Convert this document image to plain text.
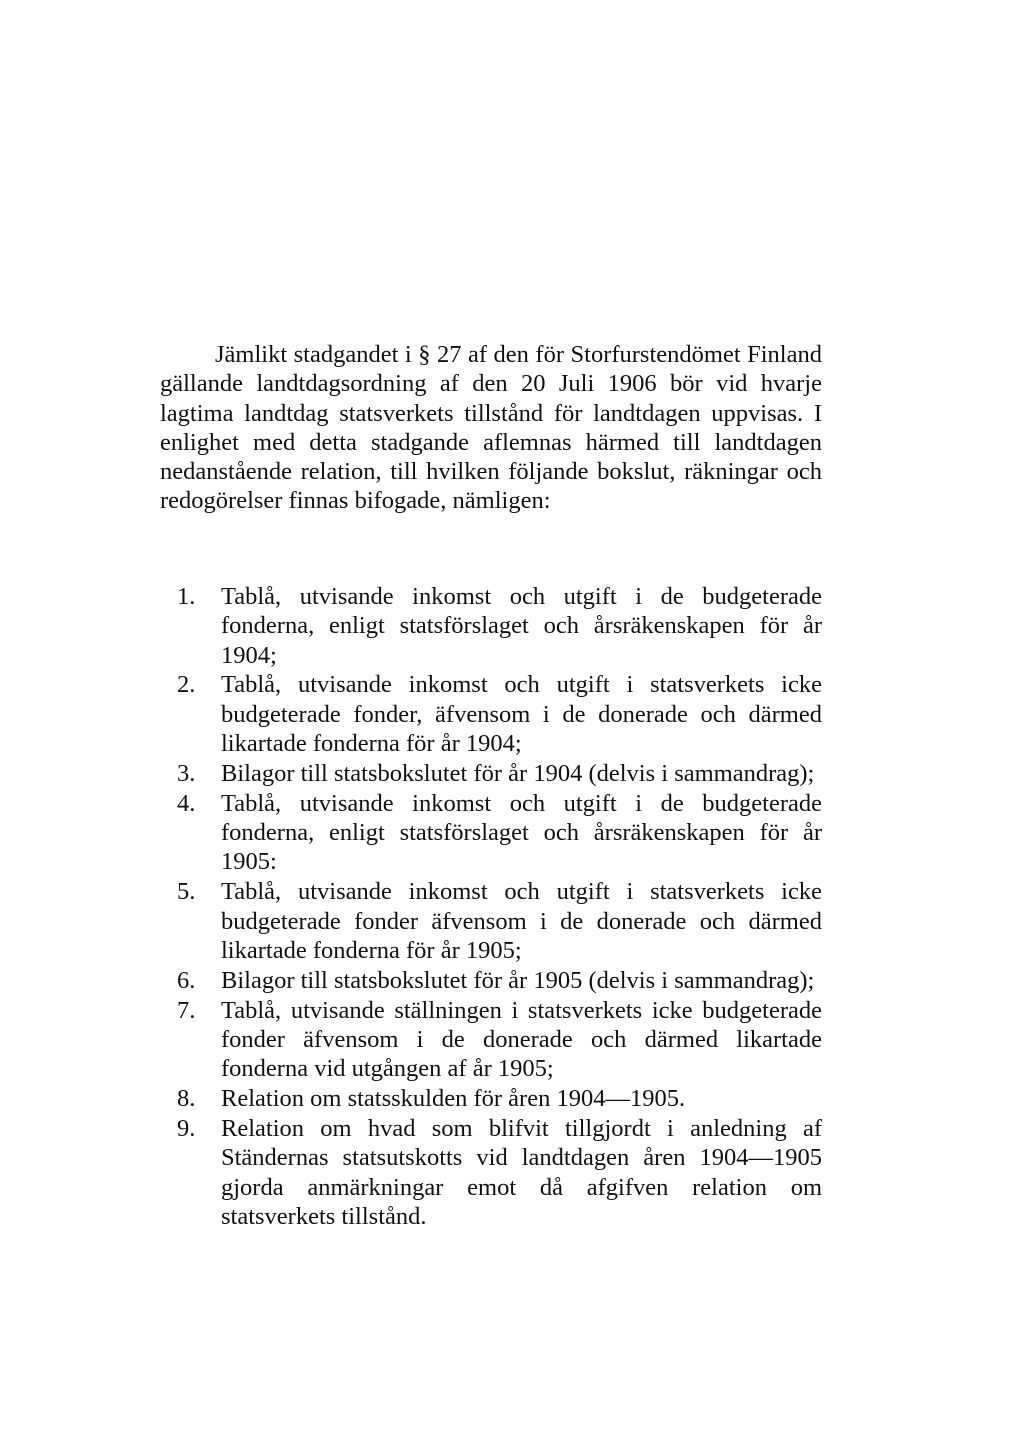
Jämlikt stadgandet i § 27 af den för Storfurstendömet Finland gällande landtdagsordning af den 20 Juli 1906 bör vid hvarje lagtima landtdag statsverkets tillstånd för landtdagen uppvisas. I enlighet med detta stadgande aflemnas härmed till landtdagen nedanstående relation, till hvilken följande bokslut, räkningar och redogörelser finnas bifogade, nämligen:

1. Tablå, utvisande inkomst och utgift i de budgeterade fonderna, enligt statsförslaget och årsräkenskapen för år 1904;
2. Tablå, utvisande inkomst och utgift i statsverkets icke budgeterade fonder, äfvensom i de donerade och därmed likartade fonderna för år 1904;
3. Bilagor till statsbokslutet för år 1904 (delvis i sammandrag);
4. Tablå, utvisande inkomst och utgift i de budgeterade fonderna, enligt statsförslaget och årsräkenskapen för år 1905:
5. Tablå, utvisande inkomst och utgift i statsverkets icke budgeterade fonder äfvensom i de donerade och därmed likartade fonderna för år 1905;
6. Bilagor till statsbokslutet för år 1905 (delvis i sammandrag);
7. Tablå, utvisande ställningen i statsverkets icke budgeterade fonder äfvensom i de donerade och därmed likartade fonderna vid utgången af år 1905;
8. Relation om statsskulden för åren 1904—1905.
9. Relation om hvad som blifvit tillgjordt i anledning af Ständernas statsutskotts vid landtdagen åren 1904—1905 gjorda anmärkningar emot då afgifven relation om statsverkets tillstånd.
